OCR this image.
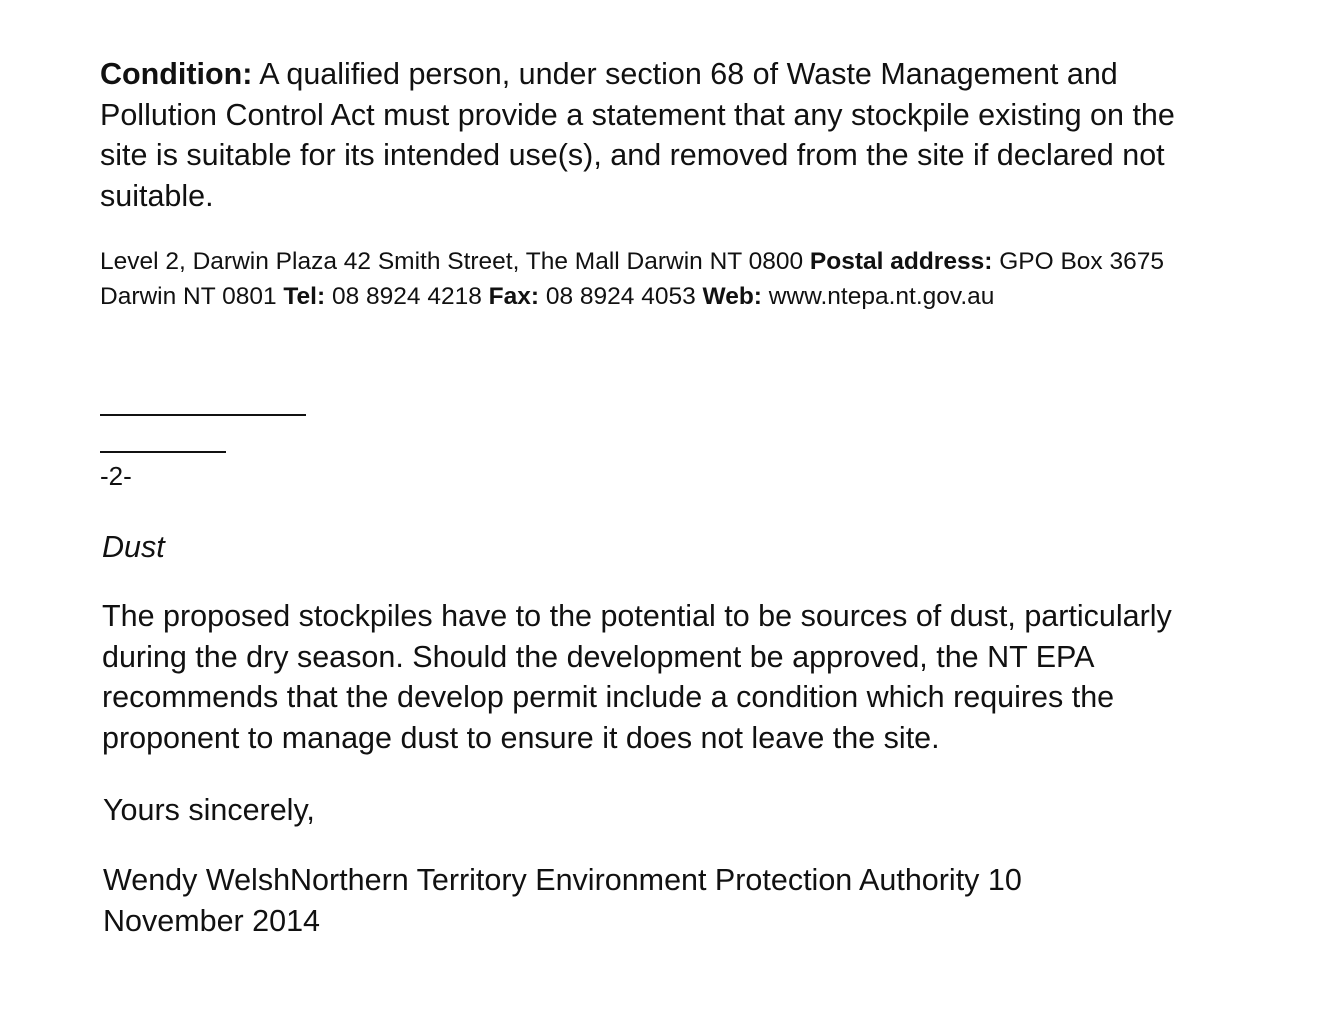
Condition: A qualified person, under section 68 of Waste Management and Pollution Control Act must provide a statement that any stockpile existing on the site is suitable for its intended use(s), and removed from the site if declared not suitable.

Level 2, Darwin Plaza 42 Smith Street, The Mall Darwin NT 0800 Postal address: GPO Box 3675 Darwin NT 0801 Tel: 08 8924 4218 Fax: 08 8924 4053 Web: www.ntepa.nt.gov.au

-2-

Dust

The proposed stockpiles have to the potential to be sources of dust, particularly during the dry season. Should the development be approved, the NT EPA recommends that the develop permit include a condition which requires the proponent to manage dust to ensure it does not leave the site.

Yours sincerely,

Wendy WelshNorthern Territory Environment Protection Authority 10 November 2014
